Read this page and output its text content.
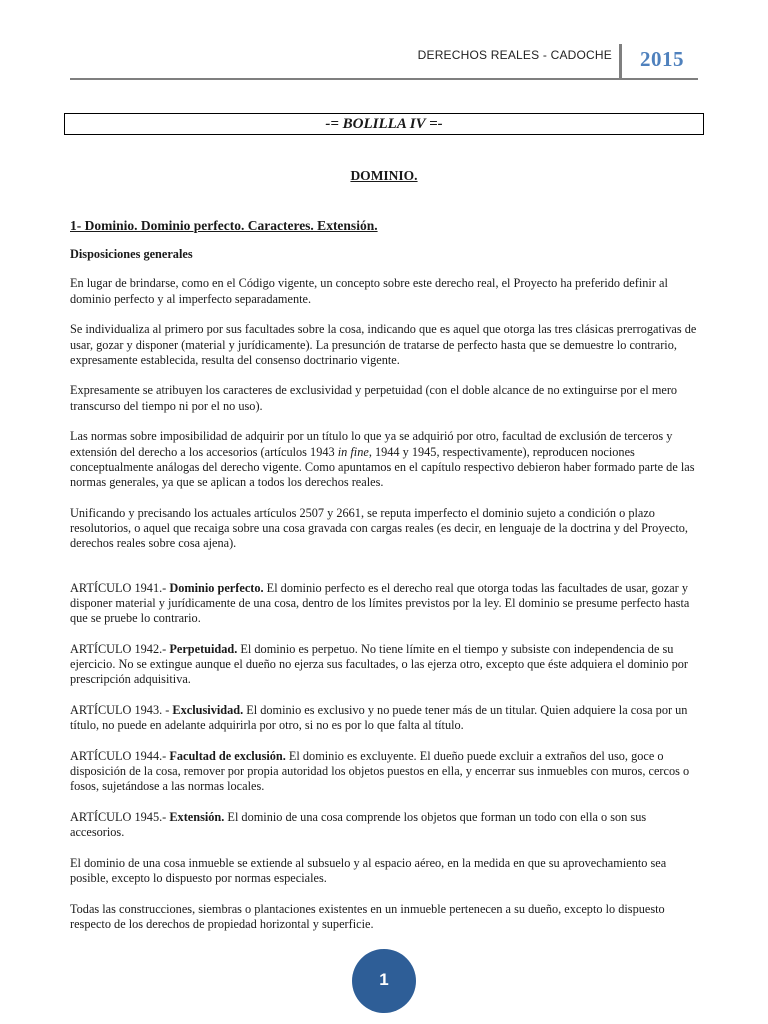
DERECHOS REALES - CADOCHE 2015
-= BOLILLA IV =-
DOMINIO.

1- Dominio. Dominio perfecto. Caracteres. Extensión.

Disposiciones generales

En lugar de brindarse, como en el Código vigente, un concepto sobre este derecho real, el Proyecto ha preferido definir al dominio perfecto y al imperfecto separadamente.

Se individualiza al primero por sus facultades sobre la cosa, indicando que es aquel que otorga las tres clásicas prerrogativas de usar, gozar y disponer (material y jurídicamente). La presunción de tratarse de perfecto hasta que se demuestre lo contrario, expresamente establecida, resulta del consenso doctrinario vigente.

Expresamente se atribuyen los caracteres de exclusividad y perpetuidad (con el doble alcance de no extinguirse por el mero transcurso del tiempo ni por el no uso).

Las normas sobre imposibilidad de adquirir por un título lo que ya se adquirió por otro, facultad de exclusión de terceros y extensión del derecho a los accesorios (artículos 1943 in fine, 1944 y 1945, respectivamente), reproducen nociones conceptualmente análogas del derecho vigente. Como apuntamos en el capítulo respectivo debieron haber formado parte de las normas generales, ya que se aplican a todos los derechos reales.

Unificando y precisando los actuales artículos 2507 y 2661, se reputa imperfecto el dominio sujeto a condición o plazo resolutorios, o aquel que recaiga sobre una cosa gravada con cargas reales (es decir, en lenguaje de la doctrina y del Proyecto, derechos reales sobre cosa ajena).

ARTÍCULO 1941.- Dominio perfecto. El dominio perfecto es el derecho real que otorga todas las facultades de usar, gozar y disponer material y jurídicamente de una cosa, dentro de los límites previstos por la ley. El dominio se presume perfecto hasta que se pruebe lo contrario.

ARTÍCULO 1942.- Perpetuidad. El dominio es perpetuo. No tiene límite en el tiempo y subsiste con independencia de su ejercicio. No se extingue aunque el dueño no ejerza sus facultades, o las ejerza otro, excepto que éste adquiera el dominio por prescripción adquisitiva.

ARTÍCULO 1943. - Exclusividad. El dominio es exclusivo y no puede tener más de un titular. Quien adquiere la cosa por un título, no puede en adelante adquirirla por otro, si no es por lo que falta al título.

ARTÍCULO 1944.- Facultad de exclusión. El dominio es excluyente. El dueño puede excluir a extraños del uso, goce o disposición de la cosa, remover por propia autoridad los objetos puestos en ella, y encerrar sus inmuebles con muros, cercos o fosos, sujetándose a las normas locales.

ARTÍCULO 1945.- Extensión. El dominio de una cosa comprende los objetos que forman un todo con ella o son sus accesorios.

El dominio de una cosa inmueble se extiende al subsuelo y al espacio aéreo, en la medida en que su aprovechamiento sea posible, excepto lo dispuesto por normas especiales.

Todas las construcciones, siembras o plantaciones existentes en un inmueble pertenecen a su dueño, excepto lo dispuesto respecto de los derechos de propiedad horizontal y superficie.

1
